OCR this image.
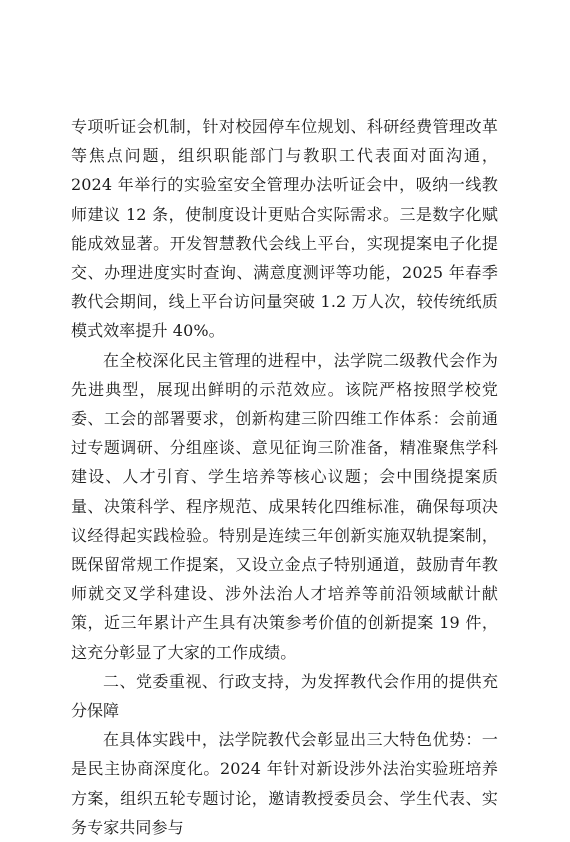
专项听证会机制，针对校园停车位规划、科研经费管理改革等焦点问题，组织职能部门与教职工代表面对面沟通，2024 年举行的实验室安全管理办法听证会中，吸纳一线教师建议 12 条，使制度设计更贴合实际需求。三是数字化赋能成效显著。开发智慧教代会线上平台，实现提案电子化提交、办理进度实时查询、满意度测评等功能，2025 年春季教代会期间，线上平台访问量突破 1.2 万人次，较传统纸质模式效率提升 40%。

在全校深化民主管理的进程中，法学院二级教代会作为先进典型，展现出鲜明的示范效应。该院严格按照学校党委、工会的部署要求，创新构建三阶四维工作体系：会前通过专题调研、分组座谈、意见征询三阶准备，精准聚焦学科建设、人才引育、学生培养等核心议题；会中围绕提案质量、决策科学、程序规范、成果转化四维标准，确保每项决议经得起实践检验。特别是连续三年创新实施双轨提案制，既保留常规工作提案，又设立金点子特别通道，鼓励青年教师就交叉学科建设、涉外法治人才培养等前沿领域献计献策，近三年累计产生具有决策参考价值的创新提案 19 件，这充分彰显了大家的工作成绩。

二、党委重视、行政支持，为发挥教代会作用的提供充分保障

在具体实践中，法学院教代会彰显出三大特色优势：一是民主协商深度化。2024 年针对新设涉外法治实验班培养方案，组织五轮专题讨论，邀请教授委员会、学生代表、实务专家共同参与
